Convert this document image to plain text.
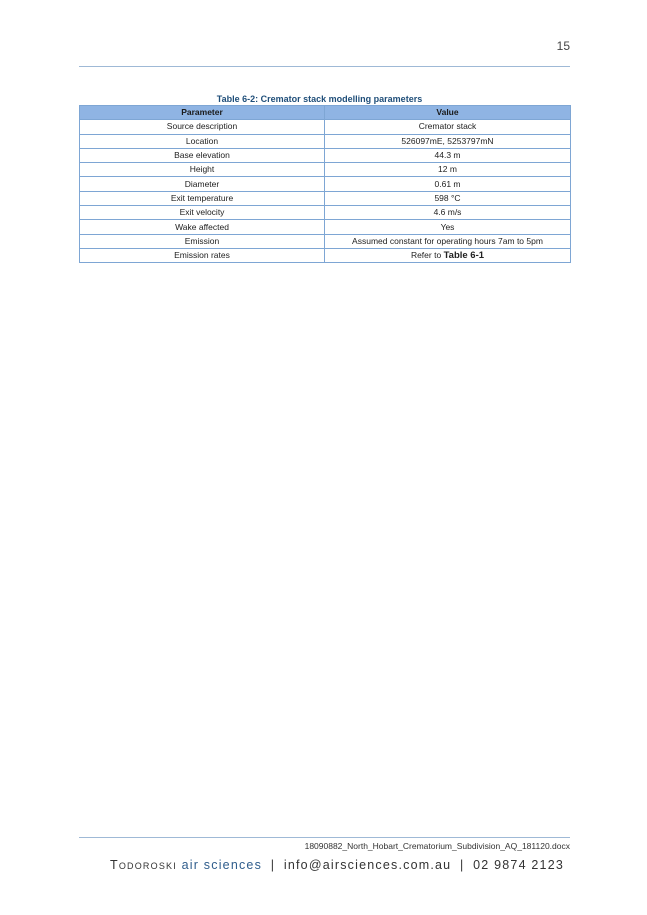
15
Table 6-2: Cremator stack modelling parameters
Parameter	Value
Source description	Cremator stack
Location	526097mE, 5253797mN
Base elevation	44.3 m
Height	12 m
Diameter	0.61 m
Exit temperature	598 °C
Exit velocity	4.6 m/s
Wake affected	Yes
Emission	Assumed constant for operating hours 7am to 5pm
Emission rates	Refer to Table 6-1
18090882_North_Hobart_Crematorium_Subdivision_AQ_181120.docx
Todoroski air sciences | info@airsciences.com.au | 02 9874 2123
